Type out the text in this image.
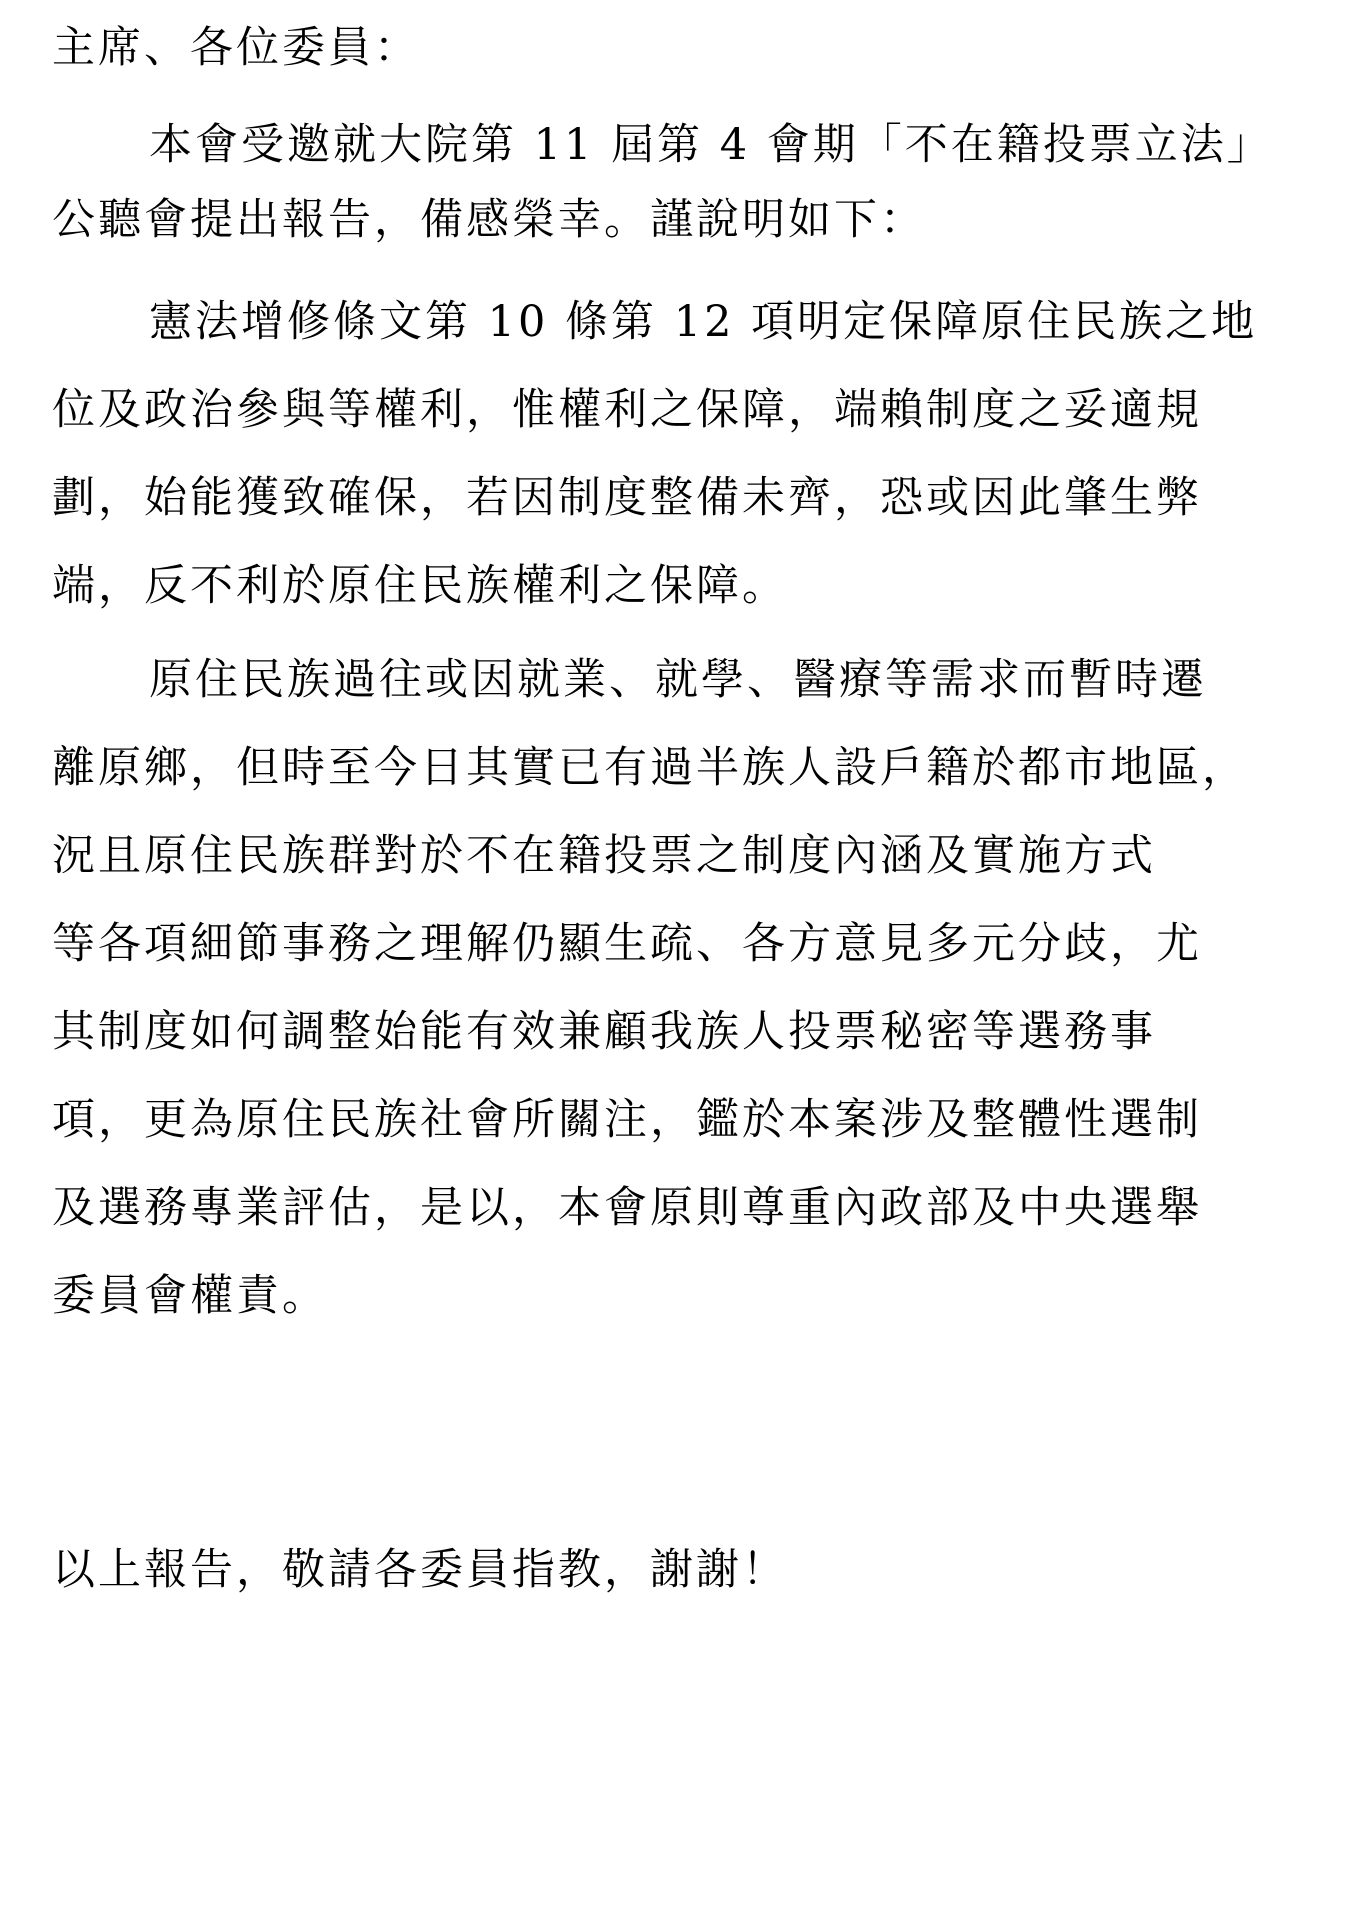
主席、各位委員：
本會受邀就大院第 11 屆第 4 會期「不在籍投票立法」
公聽會提出報告，備感榮幸。謹說明如下：
憲法增修條文第 10 條第 12 項明定保障原住民族之地
位及政治參與等權利，惟權利之保障，端賴制度之妥適規
劃，始能獲致確保，若因制度整備未齊，恐或因此肇生弊
端，反不利於原住民族權利之保障。
原住民族過往或因就業、就學、醫療等需求而暫時遷
離原鄉，但時至今日其實已有過半族人設戶籍於都市地區，
況且原住民族群對於不在籍投票之制度內涵及實施方式
等各項細節事務之理解仍顯生疏、各方意見多元分歧，尤
其制度如何調整始能有效兼顧我族人投票秘密等選務事
項，更為原住民族社會所關注，鑑於本案涉及整體性選制
及選務專業評估，是以，本會原則尊重內政部及中央選舉
委員會權責。
以上報告，敬請各委員指教，謝謝！
